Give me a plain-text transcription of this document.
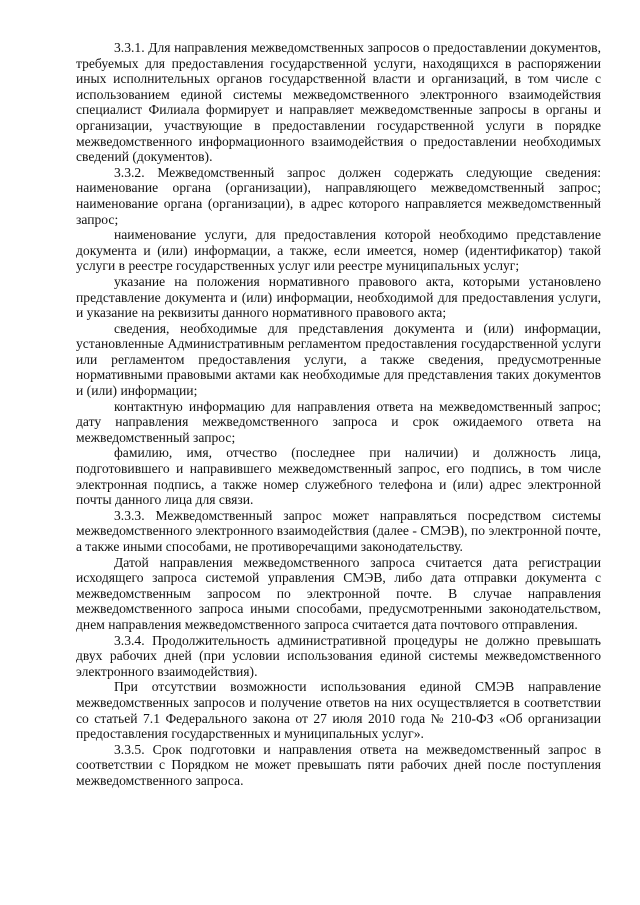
3.3.1. Для направления межведомственных запросов о предоставлении документов, требуемых для предоставления государственной услуги, находящихся в распоряжении иных исполнительных органов государственной власти и организаций, в том числе с использованием единой системы межведомственного электронного взаимодействия специалист Филиала формирует и направляет межведомственные запросы в органы и организации, участвующие в предоставлении государственной услуги в порядке межведомственного информационного взаимодействия о предоставлении необходимых сведений (документов).

3.3.2. Межведомственный запрос должен содержать следующие сведения: наименование органа (организации), направляющего межведомственный запрос; наименование органа (организации), в адрес которого направляется межведомственный запрос;

наименование услуги, для предоставления которой необходимо представление документа и (или) информации, а также, если имеется, номер (идентификатор) такой услуги в реестре государственных услуг или реестре муниципальных услуг;

указание на положения нормативного правового акта, которыми установлено представление документа и (или) информации, необходимой для предоставления услуги, и указание на реквизиты данного нормативного правового акта;

сведения, необходимые для представления документа и (или) информации, установленные Административным регламентом предоставления государственной услуги или регламентом предоставления услуги, а также сведения, предусмотренные нормативными правовыми актами как необходимые для представления таких документов и (или) информации;

контактную информацию для направления ответа на межведомственный запрос; дату направления межведомственного запроса и срок ожидаемого ответа на межведомственный запрос;

фамилию, имя, отчество (последнее при наличии) и должность лица, подготовившего и направившего межведомственный запрос, его подпись, в том числе электронная подпись, а также номер служебного телефона и (или) адрес электронной почты данного лица для связи.

3.3.3. Межведомственный запрос может направляться посредством системы межведомственного электронного взаимодействия (далее - СМЭВ), по электронной почте, а также иными способами, не противоречащими законодательству.

Датой направления межведомственного запроса считается дата регистрации исходящего запроса системой управления СМЭВ, либо дата отправки документа с межведомственным запросом по электронной почте. В случае направления межведомственного запроса иными способами, предусмотренными законодательством, днем направления межведомственного запроса считается дата почтового отправления.

3.3.4. Продолжительность административной процедуры не должно превышать двух рабочих дней (при условии использования единой системы межведомственного электронного взаимодействия).

При отсутствии возможности использования единой СМЭВ направление межведомственных запросов и получение ответов на них осуществляется в соответствии со статьей 7.1 Федерального закона от 27 июля 2010 года № 210-ФЗ «Об организации предоставления государственных и муниципальных услуг».

3.3.5. Срок подготовки и направления ответа на межведомственный запрос в соответствии с Порядком не может превышать пяти рабочих дней после поступления межведомственного запроса.
